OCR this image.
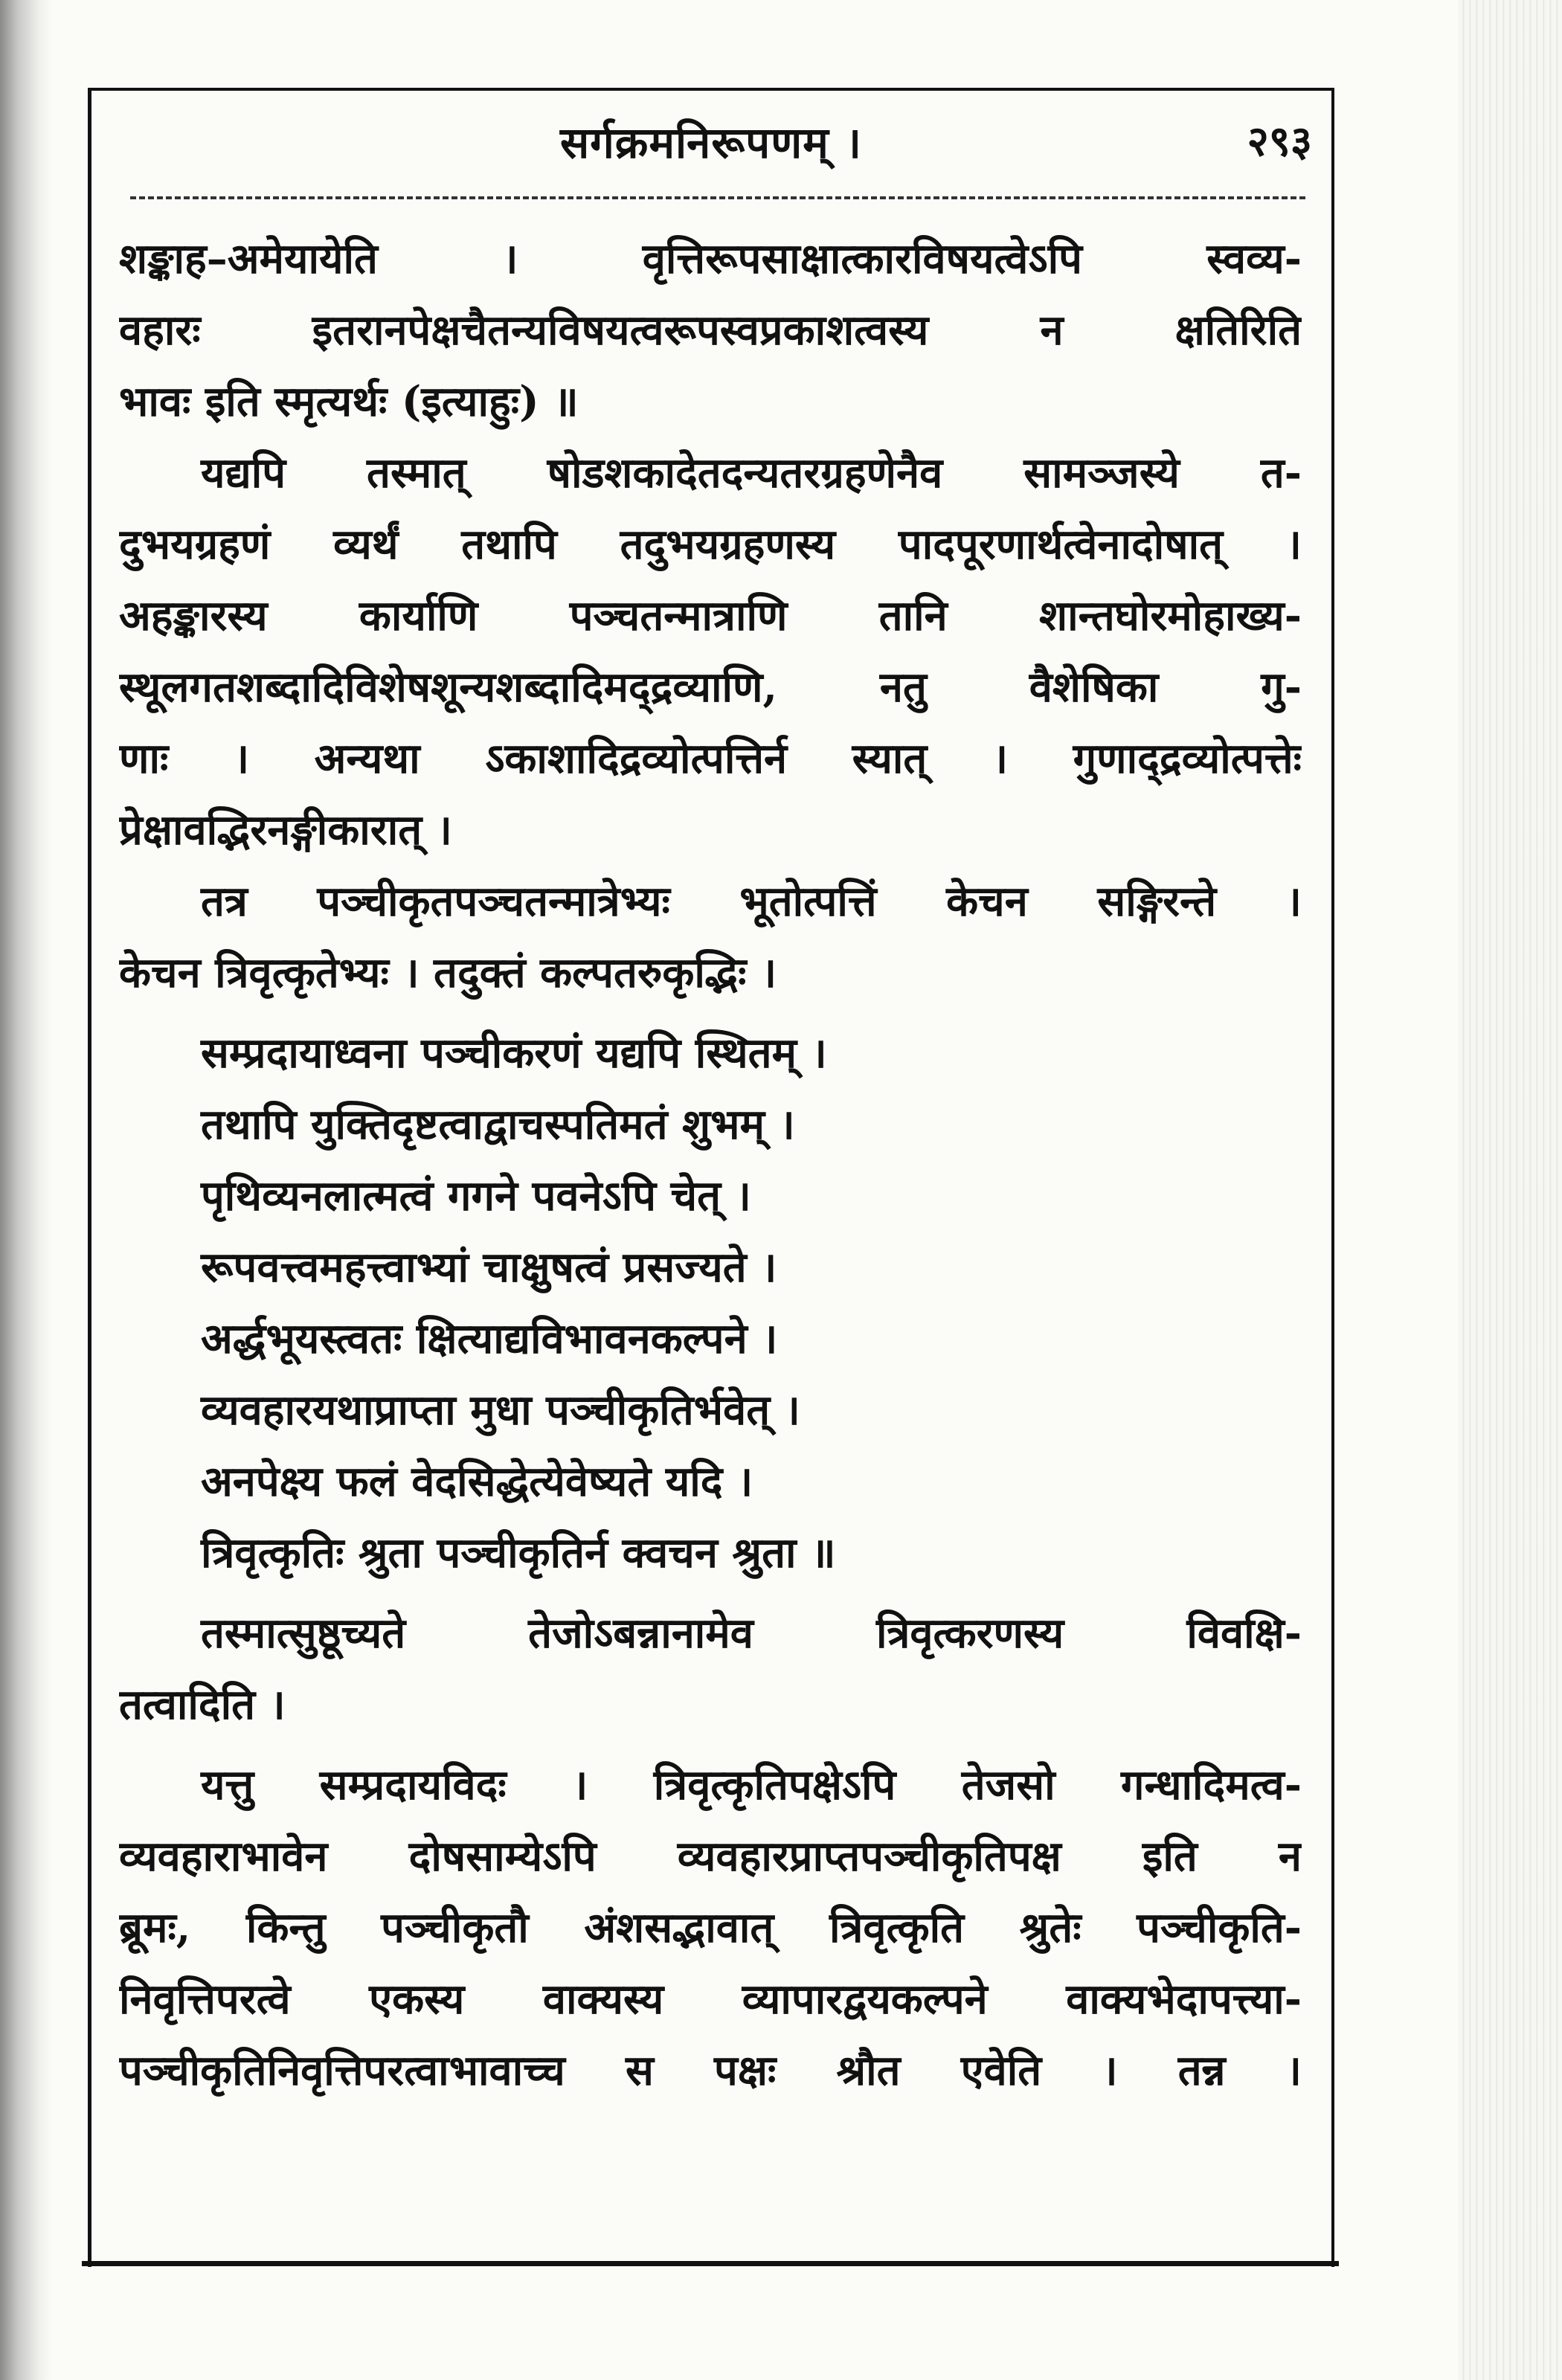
सर्गक्रमनिरूपणम् ।	२९३
शङ्काह–अमेयायेति । वृत्तिरूपसाक्षात्कारविषयत्वेऽपि स्वव्य-
वहारः इतरानपेक्षचैतन्यविषयत्वरूपस्वप्रकाशत्वस्य न क्षतिरिति
भावः इति स्मृत्यर्थः (इत्याहुः) ॥
यद्यपि तस्मात् षोडशकादेतदन्यतरग्रहणेनैव सामञ्जस्ये त-
दुभयग्रहणं व्यर्थं तथापि तदुभयग्रहणस्य पादपूरणार्थत्वेनादोषात् ।
अहङ्कारस्य कार्याणि पञ्चतन्मात्राणि तानि शान्तघोरमोहाख्य-
स्थूलगतशब्दादिविशेषशून्यशब्दादिमद्द्रव्याणि, नतु वैशेषिका गु-
णाः । अन्यथा ऽकाशादिद्रव्योत्पत्तिर्न स्यात् । गुणाद्द्रव्योत्पत्तेः
प्रेक्षावद्भिरनङ्गीकारात् ।
तत्र पञ्चीकृतपञ्चतन्मात्रेभ्यः भूतोत्पत्तिं केचन सङ्गिरन्ते ।
केचन त्रिवृत्कृतेभ्यः । तदुक्तं कल्पतरुकृद्भिः ।
सम्प्रदायाध्वना पञ्चीकरणं यद्यपि स्थितम् ।
तथापि युक्तिदृष्टत्वाद्वाचस्पतिमतं शुभम् ।
पृथिव्यनलात्मत्वं गगने पवनेऽपि चेत् ।
रूपवत्त्वमहत्त्वाभ्यां चाक्षुषत्वं प्रसज्यते ।
अर्द्धभूयस्त्वतः क्षित्याद्यविभावनकल्पने ।
व्यवहारयथाप्राप्ता मुधा पञ्चीकृतिर्भवेत् ।
अनपेक्ष्य फलं वेदसिद्धेत्येवेष्यते यदि ।
त्रिवृत्कृतिः श्रुता पञ्चीकृतिर्न क्वचन श्रुता ॥
तस्मात्सुष्ठूच्यते तेजोऽबन्नानामेव त्रिवृत्करणस्य विवक्षि-
तत्वादिति ।
यत्तु सम्प्रदायविदः । त्रिवृत्कृतिपक्षेऽपि तेजसो गन्धादिमत्व-
व्यवहाराभावेन दोषसाम्येऽपि व्यवहारप्राप्तपञ्चीकृतिपक्ष इति न
ब्रूमः, किन्तु पञ्चीकृतौ अंशसद्भावात् त्रिवृत्कृति श्रुतेः पञ्चीकृति-
निवृत्तिपरत्वे एकस्य वाक्यस्य व्यापारद्वयकल्पने वाक्यभेदापत्त्या-
पञ्चीकृतिनिवृत्तिपरत्वाभावाच्च स पक्षः श्रौत एवेति । तन्न ।
